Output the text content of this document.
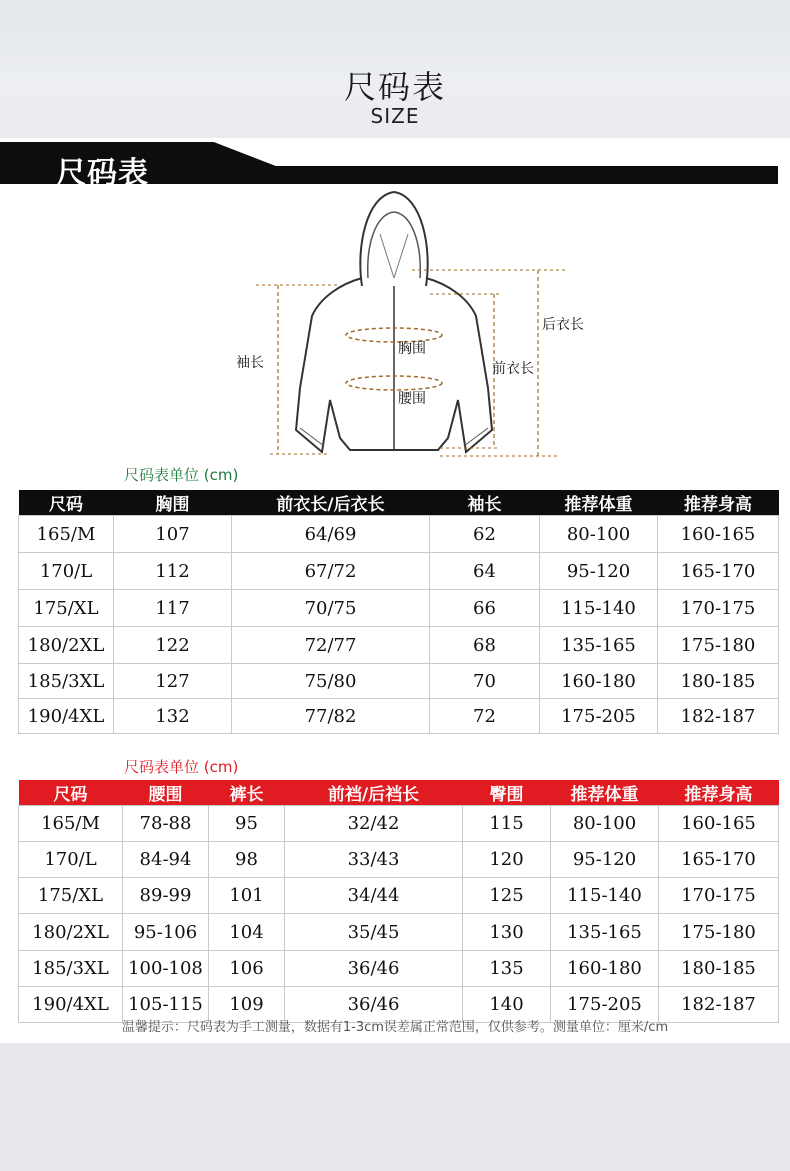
尺码表
SIZE
尺码表
袖长
胸围
腰围
前衣长
后衣长
尺码表单位 (cm)
尺码	胸围	前衣长/后衣长	袖长	推荐体重	推荐身高
165/M	107	64/69	62	80-100	160-165
170/L	112	67/72	64	95-120	165-170
175/XL	117	70/75	66	115-140	170-175
180/2XL	122	72/77	68	135-165	175-180
185/3XL	127	75/80	70	160-180	180-185
190/4XL	132	77/82	72	175-205	182-187
尺码表单位 (cm)
尺码	腰围	裤长	前裆/后裆长	臀围	推荐体重	推荐身高
165/M	78-88	95	32/42	115	80-100	160-165
170/L	84-94	98	33/43	120	95-120	165-170
175/XL	89-99	101	34/44	125	115-140	170-175
180/2XL	95-106	104	35/45	130	135-165	175-180
185/3XL	100-108	106	36/46	135	160-180	180-185
190/4XL	105-115	109	36/46	140	175-205	182-187
温馨提示：尺码表为手工测量，数据有1-3cm误差属正常范围，仅供参考。测量单位：厘米/cm
